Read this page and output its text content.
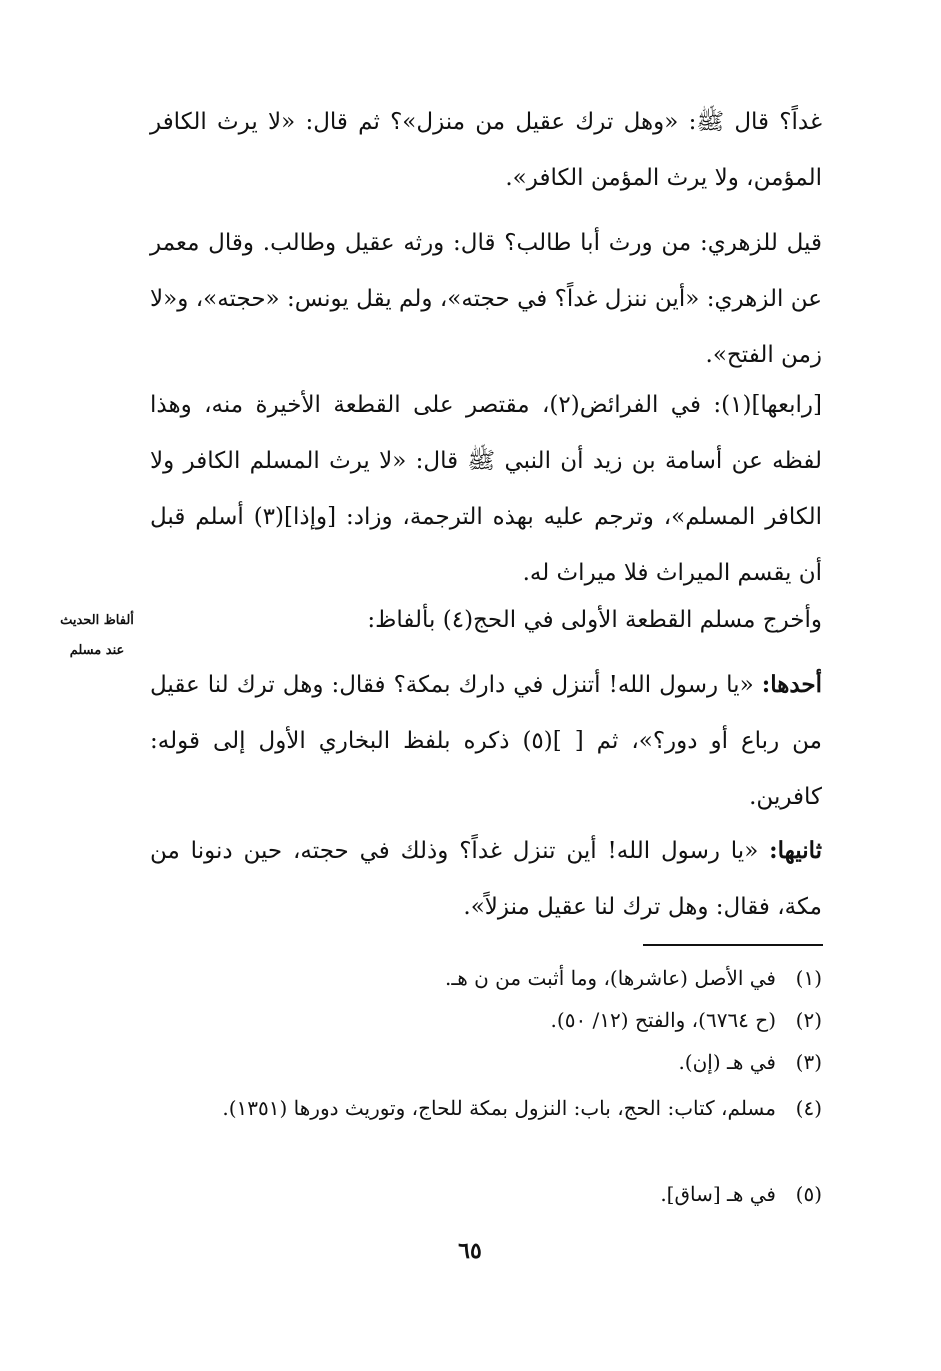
غداً؟ قال ﷺ: «وهل ترك عقيل من منزل»؟ ثم قال: «لا يرث الكافر المؤمن، ولا يرث المؤمن الكافر».

قيل للزهري: من ورث أبا طالب؟ قال: ورثه عقيل وطالب. وقال معمر عن الزهري: «أين ننزل غداً؟ في حجته»، ولم يقل يونس: «حجته»، و«لا زمن الفتح».

[رابعها](١): في الفرائض(٢)، مقتصر على القطعة الأخيرة منه، وهذا لفظه عن أسامة بن زيد أن النبي ﷺ قال: «لا يرث المسلم الكافر ولا الكافر المسلم»، وترجم عليه بهذه الترجمة، وزاد: [وإذا](٣) أسلم قبل أن يقسم الميراث فلا ميراث له.

وأخرج مسلم القطعة الأولى في الحج(٤) بألفاظ:

ألفاظ الحديث
عند مسلم

أحدها: «يا رسول الله! أتنزل في دارك بمكة؟ فقال: وهل ترك لنا عقيل من رباع أو دور؟»، ثم [ ](٥) ذكره بلفظ البخاري الأول إلى قوله: كافرين.

ثانيها: «يا رسول الله! أين تنزل غداً؟ وذلك في حجته، حين دنونا من مكة، فقال: وهل ترك لنا عقيل منزلاً».

(١)
في الأصل (عاشرها)، وما أثبت من ن هـ.
(٢)
(ح ٦٧٦٤)، والفتح (١٢/ ٥٠).
(٣)
في هـ (إن).
(٤)
مسلم، كتاب: الحج، باب: النزول بمكة للحاج، وتوريث دورها (١٣٥١).
(٥)
في هـ [ساق].
٦٥
